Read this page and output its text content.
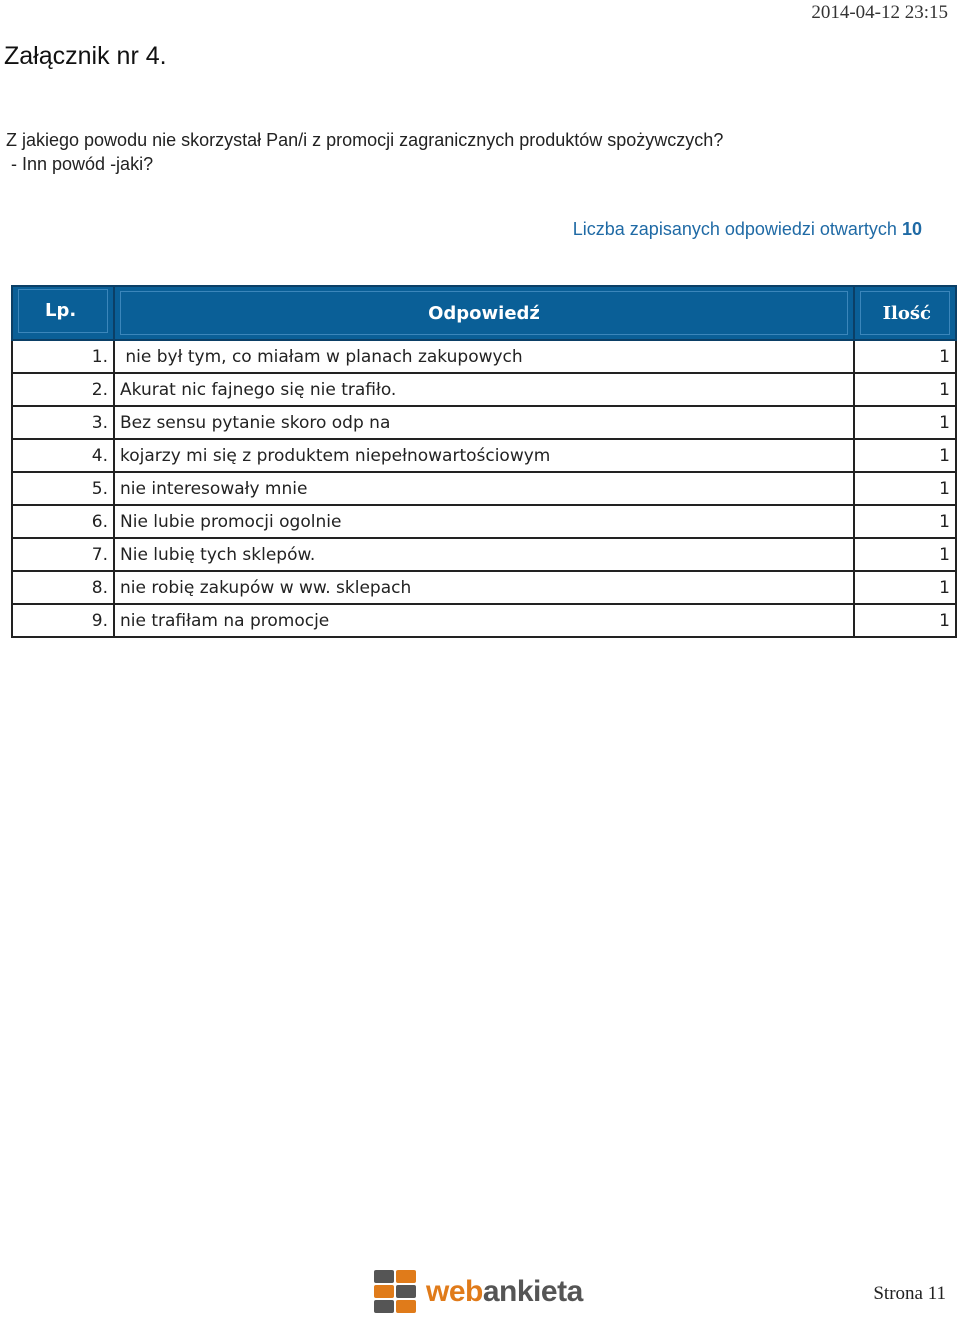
2014-04-12 23:15
Załącznik nr 4.
Z jakiego powodu nie skorzystał Pan/i z promocji zagranicznych produktów spożywczych?
- Inn powód -jaki?
Liczba zapisanych odpowiedzi otwartych 10
Lp.	Odpowiedź	Ilość

1.	nie był tym, co miałam w planach zakupowych	1
2.	Akurat nic fajnego się nie trafiło.	1
3.	Bez sensu pytanie skoro odp na	1
4.	kojarzy mi się z produktem niepełnowartościowym	1
5.	nie interesowały mnie	1
6.	Nie lubie promocji ogolnie	1
7.	Nie lubię tych sklepów.	1
8.	nie robię zakupów w ww. sklepach	1
9.	nie trafiłam na promocje	1
webankieta	Strona 11
